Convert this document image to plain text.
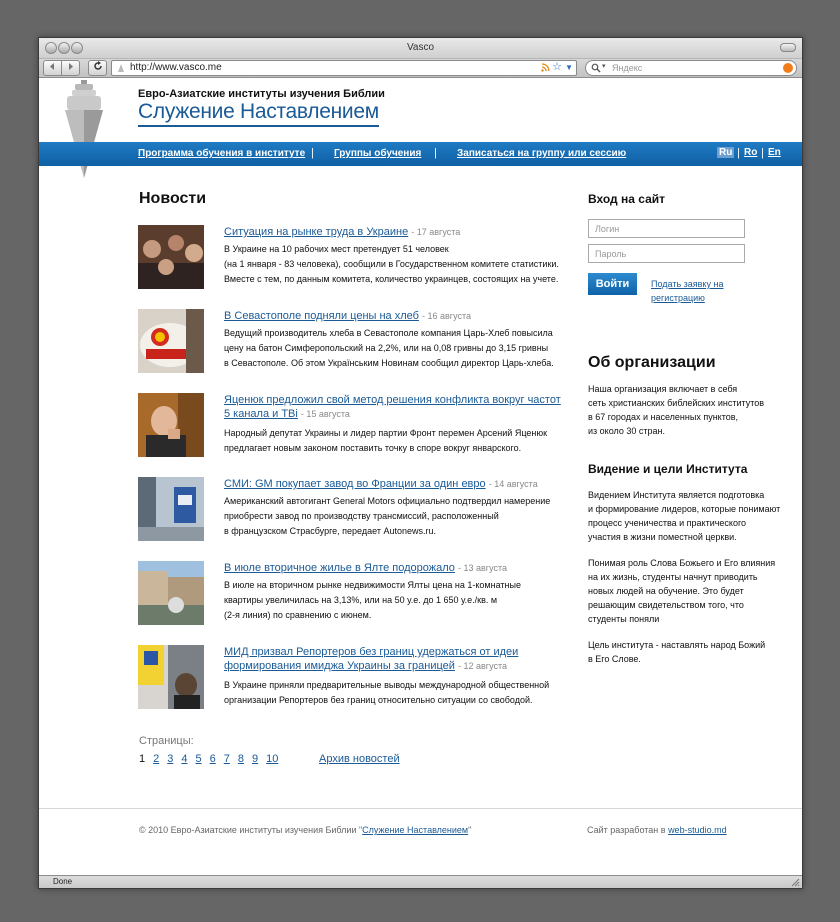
Vasco
http://www.vasco.me	☆ ▼	▾ Яндекс
Евро-Азиатские институты изучения Библии
Служение Наставлением
Программа обучения в институте | Группы обучения | Записаться на группу или сессию	Ru | Ro | En
Новости
Ситуация на рынке труда в Украине - 17 августа
В Украине на 10 рабочих мест претендует 51 человек
(на 1 января - 83 человека), сообщили в Государственном комитете статистики.
Вместе с тем, по данным комитета, количество украинцев, состоящих на учете.
В Севастополе подняли цены на хлеб - 16 августа
Ведущий производитель хлеба в Севастополе компания Царь-Хлеб повысила
цену на батон Симферопольский на 2,2%, или на 0,08 гривны до 3,15 гривны
в Севастополе. Об этом Українським Новинам сообщил директор Царь-хлеба.
Яценюк предложил свой метод решения конфликта вокруг частот 5 канала и ТВі - 15 августа
Народный депутат Украины и лидер партии Фронт перемен Арсений Яценюк
предлагает новым законом поставить точку в споре вокруг январского.
СМИ: GM покупает завод во Франции за один евро - 14 августа
Американский автогигант General Motors официально подтвердил намерение
приобрести завод по производству трансмиссий, расположенный
в французском Страсбурге, передает Autonews.ru.
В июле вторичное жилье в Ялте подорожало - 13 августа
В июле на вторичном рынке недвижимости Ялты цена на 1-комнатные
квартиры увеличилась на 3,13%, или на 50 у.е. до 1 650 у.е./кв. м
(2-я линия) по сравнению с июнем.
МИД призвал Репортеров без границ удержаться от идеи формирования имиджа Украины за границей - 12 августа
В Украине приняли предварительные выводы международной общественной
организации Репортеров без границ относительно ситуации со свободой.
Страницы:
1 2 3 4 5 6 7 8 9 10	Архив новостей
Вход на сайт
Логин
Пароль
Войти	Подать заявку на регистрацию
Об организации
Наша организация включает в себя
сеть христианских библейских институтов
в 67 городах и населенных пунктов,
из около 30 стран.
Видение и цели Института
Видением Института является подготовка
и формирование лидеров, которые понимают
процесс ученичества и практического
участия в жизни поместной церкви.
Понимая роль Слова Божьего и Его влияния
на их жизнь, студенты начнут приводить
новых людей на обучение. Это будет
решающим свидетельством того, что
студенты поняли
Цель института - наставлять народ Божий
в Его Слове.
© 2010 Евро-Азиатские институты изучения Библии "Служение Наставлением"	Сайт разработан в web-studio.md
Done
